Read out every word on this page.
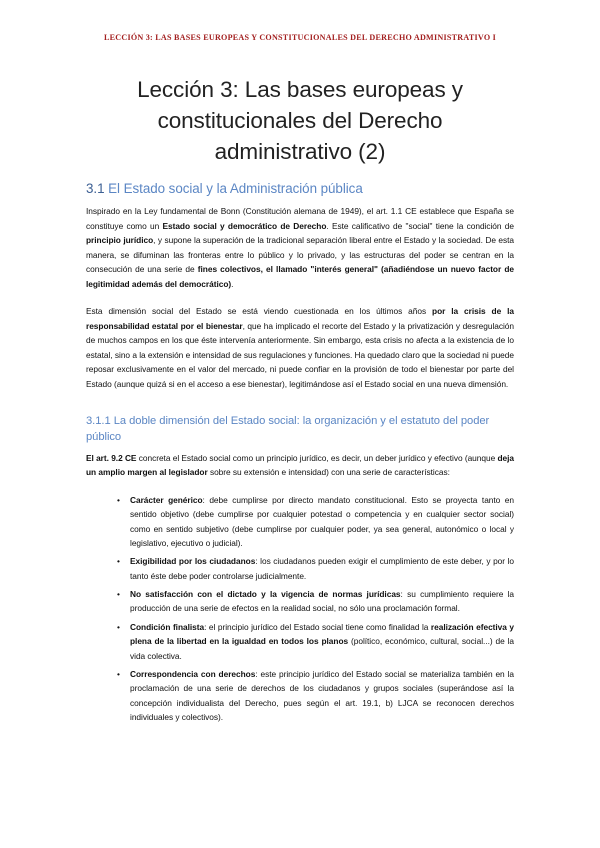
LECCIÓN 3: LAS BASES EUROPEAS Y CONSTITUCIONALES DEL DERECHO ADMINISTRATIVO I
Lección 3: Las bases europeas y
constitucionales del Derecho
administrativo (2)
3.1 El Estado social y la Administración pública

Inspirado en la Ley fundamental de Bonn (Constitución alemana de 1949), el art. 1.1 CE establece que España se constituye como un Estado social y democrático de Derecho. Este calificativo de "social" tiene la condición de principio jurídico, y supone la superación de la tradicional separación liberal entre el Estado y la sociedad. De esta manera, se difuminan las fronteras entre lo público y lo privado, y las estructuras del poder se centran en la consecución de una serie de fines colectivos, el llamado "interés general" (añadiéndose un nuevo factor de legitimidad además del democrático).

Esta dimensión social del Estado se está viendo cuestionada en los últimos años por la crisis de la responsabilidad estatal por el bienestar, que ha implicado el recorte del Estado y la privatización y desregulación de muchos campos en los que éste intervenía anteriormente. Sin embargo, esta crisis no afecta a la existencia de lo estatal, sino a la extensión e intensidad de sus regulaciones y funciones. Ha quedado claro que la sociedad ni puede reposar exclusivamente en el valor del mercado, ni puede confiar en la provisión de todo el bienestar por parte del Estado (aunque quizá si en el acceso a ese bienestar), legitimándose así el Estado social en una nueva dimensión.

3.1.1 La doble dimensión del Estado social: la organización y el estatuto del poder público

El art. 9.2 CE concreta el Estado social como un principio jurídico, es decir, un deber jurídico y efectivo (aunque deja un amplio margen al legislador sobre su extensión e intensidad) con una serie de características:

• Carácter genérico: debe cumplirse por directo mandato constitucional. Esto se proyecta tanto en sentido objetivo (debe cumplirse por cualquier potestad o competencia y en cualquier sector social) como en sentido subjetivo (debe cumplirse por cualquier poder, ya sea general, autonómico o local y legislativo, ejecutivo o judicial).
• Exigibilidad por los ciudadanos: los ciudadanos pueden exigir el cumplimiento de este deber, y por lo tanto éste debe poder controlarse judicialmente.
• No satisfacción con el dictado y la vigencia de normas jurídicas: su cumplimiento requiere la producción de una serie de efectos en la realidad social, no sólo una proclamación formal.
• Condición finalista: el principio jurídico del Estado social tiene como finalidad la realización efectiva y plena de la libertad en la igualdad en todos los planos (político, económico, cultural, social...) de la vida colectiva.
• Correspondencia con derechos: este principio jurídico del Estado social se materializa también en la proclamación de una serie de derechos de los ciudadanos y grupos sociales (superándose así la concepción individualista del Derecho, pues según el art. 19.1, b) LJCA se reconocen derechos individuales y colectivos).
